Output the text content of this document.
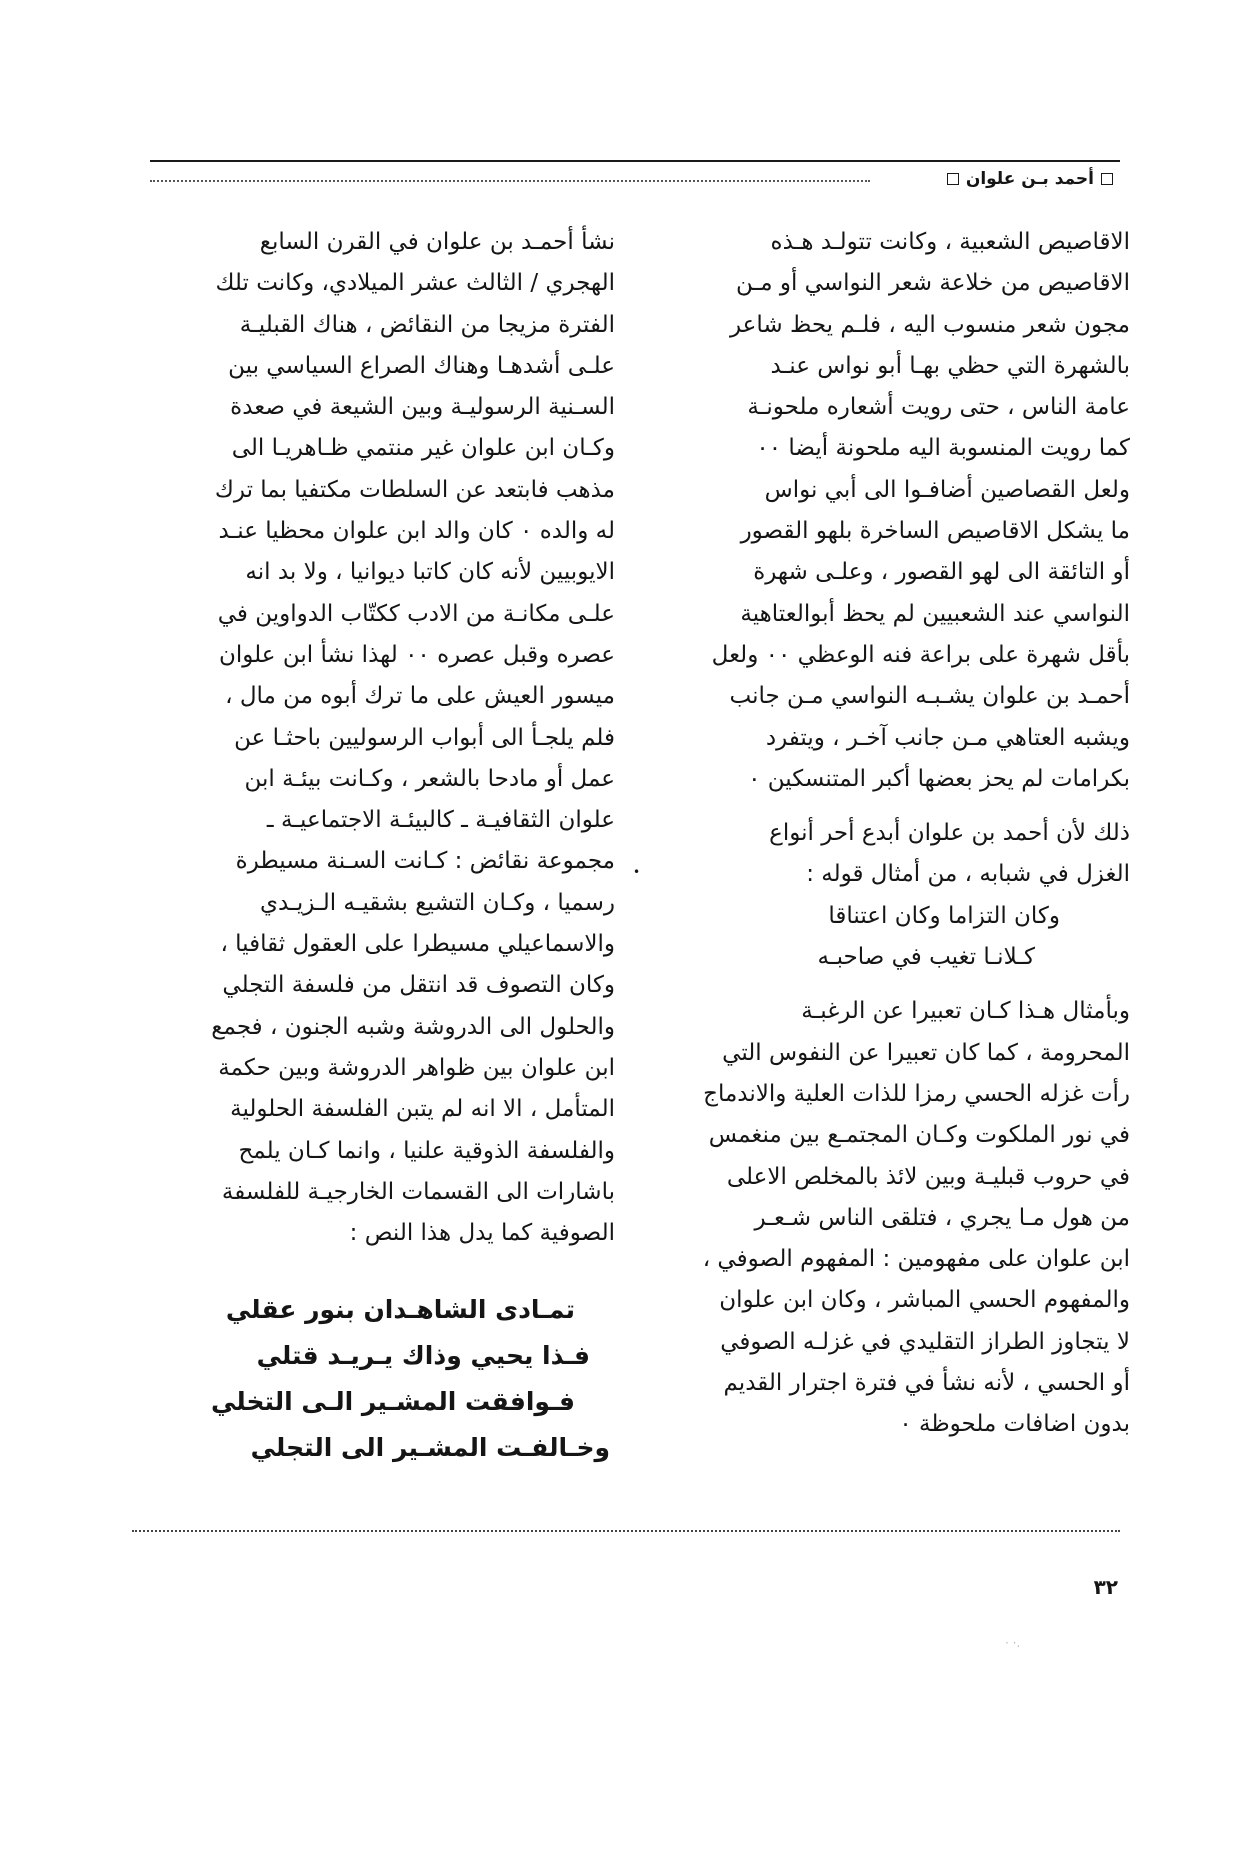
أحمد بـن علوان
الاقاصيص الشعبية ، وكانت تتولـد هـذه
الاقاصيص من خلاعة شعر النواسي أو مـن
مجون شعر منسوب اليه ، فلـم يحظ شاعر
بالشهرة التي حظي بهـا أبو نواس عنـد
عامة الناس ، حتى رويت أشعاره ملحونـة
كما رويت المنسوبة اليه ملحونة أيضا ٠٠
ولعل القصاصين أضافـوا الى أبي نواس
ما يشكل الاقاصيص الساخرة بلهو القصور
أو التائقة الى لهو القصور ، وعلـى شهرة
النواسي عند الشعبيين لم يحظ أبوالعتاهية
بأقل شهرة على براعة فنه الوعظي ٠٠ ولعل
أحمـد بن علوان يشـبـه النواسي مـن جانب
ويشبه العتاهي مـن جانب آخـر ، ويتفرد
بكرامات لم يحز بعضها أكبر المتنسكين ٠
ذلك لأن أحمد بن علوان أبدع أحر أنواع
الغزل في شبابه ، من أمثال قوله :
وكان التزاما وكان اعتناقا
كـلانـا تغيب في صاحبـه
وبأمثال هـذا كـان تعبيرا عن الرغبـة
المحرومة ، كما كان تعبيرا عن النفوس التي
رأت غزله الحسي رمزا للذات العلية والاندماج
في نور الملكوت وكـان المجتمـع بين منغمس
في حروب قبليـة وبين لائذ بالمخلص الاعلى
من هول مـا يجري ، فتلقى الناس شـعـر
ابن علوان على مفهومين : المفهوم الصوفي ،
والمفهوم الحسي المباشر ، وكان ابن علوان
لا يتجاوز الطراز التقليدي في غزلـه الصوفي
أو الحسي ، لأنه نشأ في فترة اجترار القديم
بدون اضافات ملحوظة ٠
نشأ أحمـد بن علوان في القرن السابع
الهجري / الثالث عشر الميلادي، وكانت تلك
الفترة مزيجا من النقائض ، هناك القبليـة
علـى أشدهـا وهناك الصراع السياسي بين
السـنية الرسوليـة وبين الشيعة في صعدة
وكـان ابن علوان غير منتمي ظـاهريـا الى
مذهب فابتعد عن السلطات مكتفيا بما ترك
له والده ٠ كان والد ابن علوان محظيا عنـد
الايوبيين لأنه كان كاتبا ديوانيا ، ولا بد انه
علـى مكانـة من الادب ككتّاب الدواوين في
عصره وقبل عصره ٠٠ لهذا نشأ ابن علوان
ميسور العيش على ما ترك أبوه من مال ،
فلم يلجـأ الى أبواب الرسوليين باحثـا عن
عمل أو مادحا بالشعر ، وكـانت بيئـة ابن
علوان الثقافيـة ـ كالبيئـة الاجتماعيـة ـ
مجموعة نقائض : كـانت السـنة مسيطرة
رسميا ، وكـان التشيع بشقيـه الـزيـدي
والاسماعيلي مسيطرا على العقول ثقافيا ،
وكان التصوف قد انتقل من فلسفة التجلي
والحلول الى الدروشة وشبه الجنون ، فجمع
ابن علوان بين ظواهر الدروشة وبين حكمة
المتأمل ، الا انه لم يتبن الفلسفة الحلولية
والفلسفة الذوقية علنيا ، وانما كـان يلمح
باشارات الى القسمات الخارجيـة للفلسفة
الصوفية كما يدل هذا النص :
تمـادى الشاهـدان بنور عقلي
فـذا يحيي وذاك يـريـد قتلي
فـوافقت المشـير الـى التخلي
وخـالفـت المشـير الى التجلي
•
٣٢
· ·.
